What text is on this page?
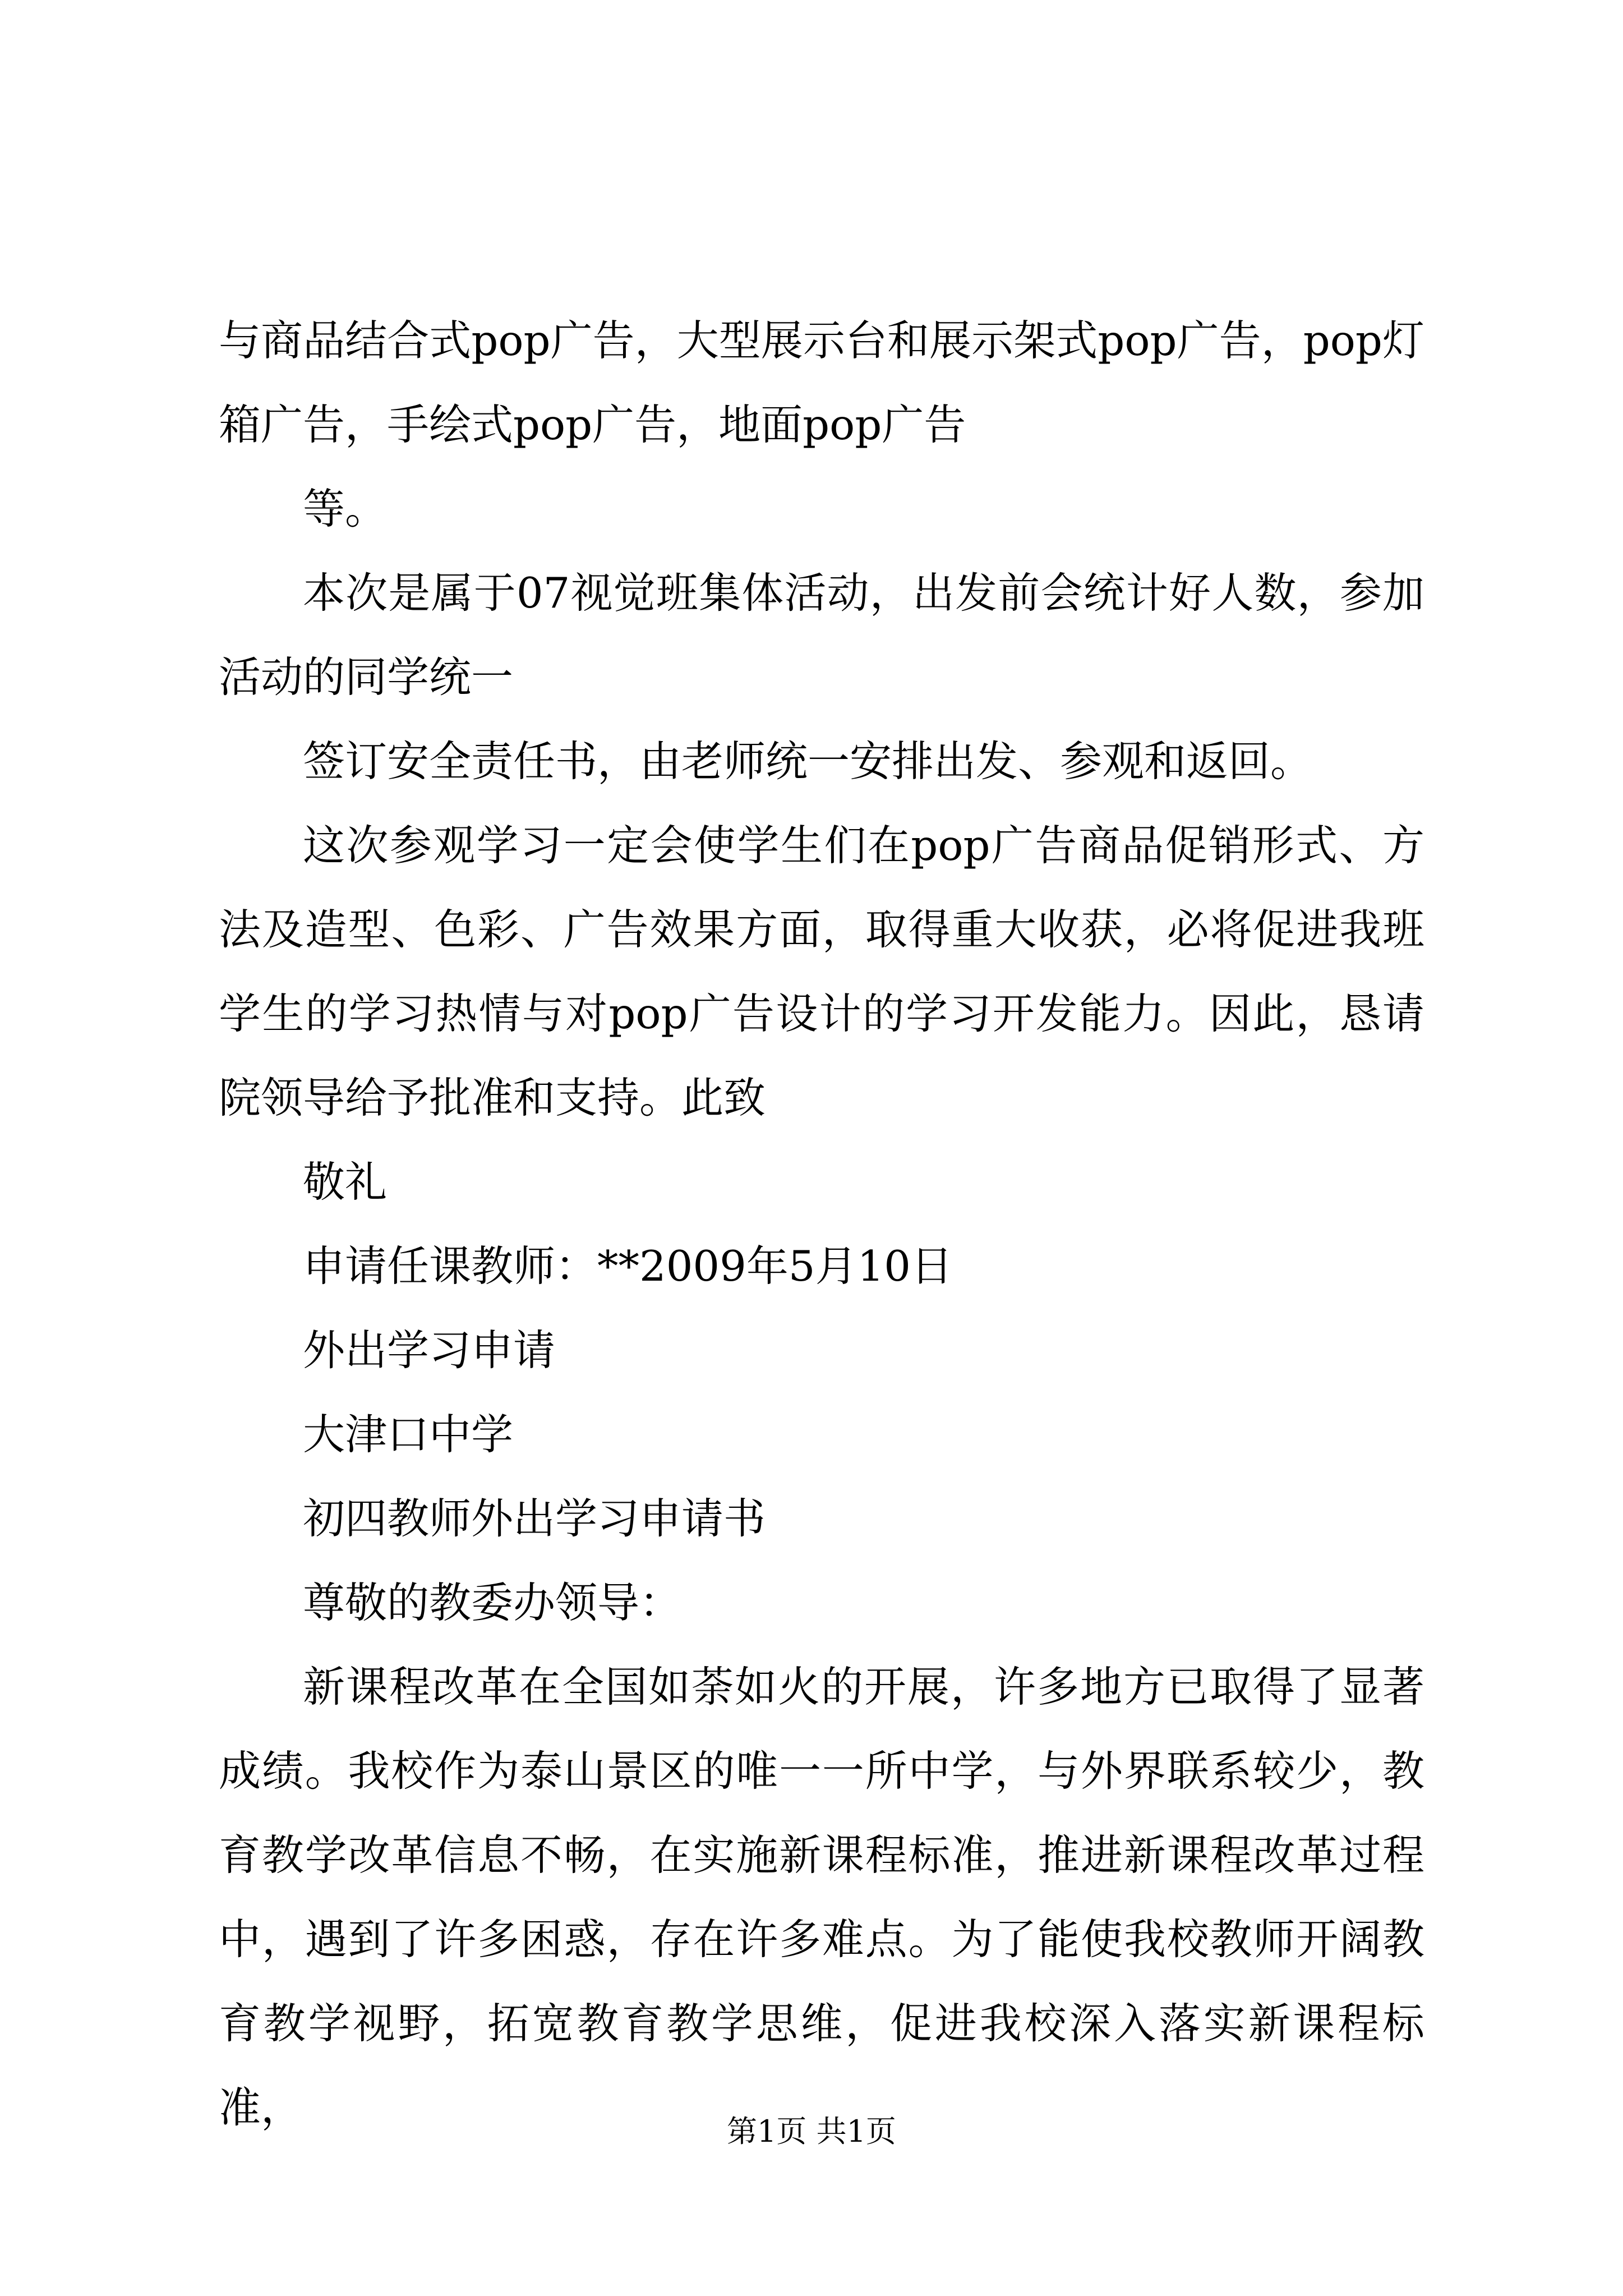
与商品结合式pop广告，大型展示台和展示架式pop广告，pop灯箱广告，手绘式pop广告，地面pop广告

等。

本次是属于07视觉班集体活动，出发前会统计好人数，参加活动的同学统一

签订安全责任书，由老师统一安排出发、参观和返回。

这次参观学习一定会使学生们在pop广告商品促销形式、方法及造型、色彩、广告效果方面，取得重大收获，必将促进我班学生的学习热情与对pop广告设计的学习开发能力。因此，恳请院领导给予批准和支持。此致

敬礼

申请任课教师：**2009年5月10日

外出学习申请

大津口中学

初四教师外出学习申请书

尊敬的教委办领导：

新课程改革在全国如荼如火的开展，许多地方已取得了显著成绩。我校作为泰山景区的唯一一所中学，与外界联系较少，教育教学改革信息不畅，在实施新课程标准，推进新课程改革过程中，遇到了许多困惑，存在许多难点。为了能使我校教师开阔教育教学视野，拓宽教育教学思维，促进我校深入落实新课程标准，	第1页 共1页
